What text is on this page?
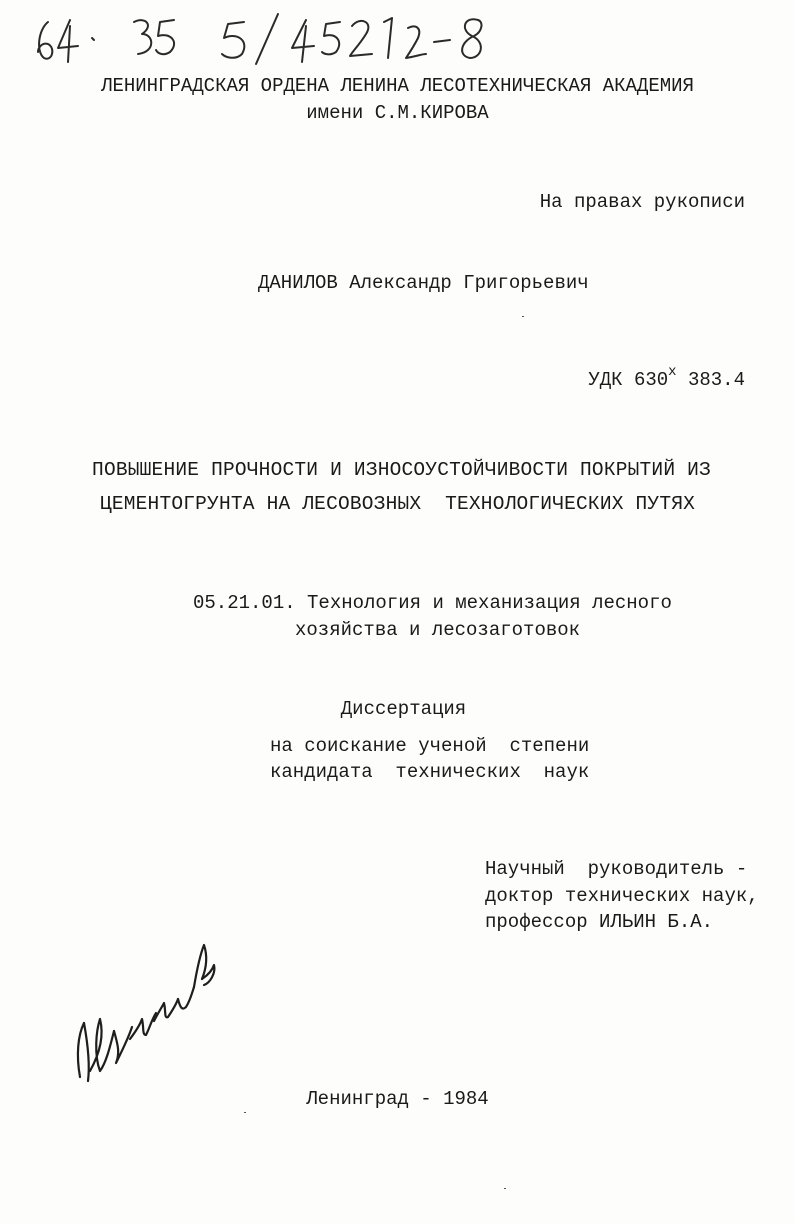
ЛЕНИНГРАДСКАЯ ОРДЕНА ЛЕНИНА ЛЕСОТЕХНИЧЕСКАЯ АКАДЕМИЯ
имени С.М.КИРОВА
На правах рукописи
ДАНИЛОВ Александр Григорьевич
УДК $630^х$ 383.4
ПОВЫШЕНИЕ ПРОЧНОСТИ И ИЗНОСОУСТОЙЧИВОСТИ ПОКРЫТИЙ ИЗ
ЦЕМЕНТОГРУНТА НА ЛЕСОВОЗНЫХ  ТЕХНОЛОГИЧЕСКИХ ПУТЯХ
05.21.01. Технология и механизация лесного
хозяйства и лесозаготовок
Диссертация
на соискание ученой  степени
кандидата  технических  наук
Научный  руководитель -
доктор технических наук,
профессор ИЛЬИН Б.А.
Ленинград - 1984
